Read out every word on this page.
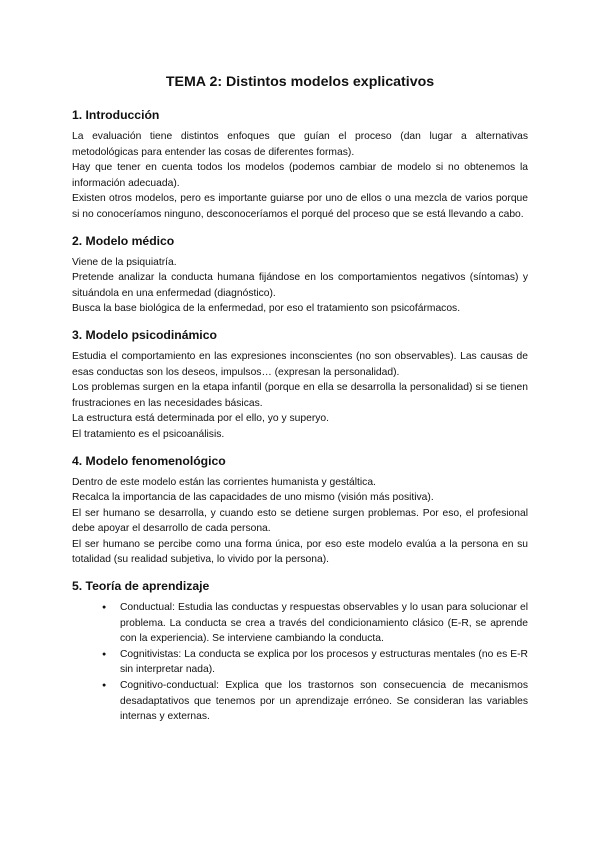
TEMA 2: Distintos modelos explicativos
1. Introducción

La evaluación tiene distintos enfoques que guían el proceso (dan lugar a alternativas metodológicas para entender las cosas de diferentes formas).

Hay que tener en cuenta todos los modelos (podemos cambiar de modelo si no obtenemos la información adecuada).

Existen otros modelos, pero es importante guiarse por uno de ellos o una mezcla de varios porque si no conoceríamos ninguno, desconoceríamos el porqué del proceso que se está llevando a cabo.

2. Modelo médico

Viene de la psiquiatría.

Pretende analizar la conducta humana fijándose en los comportamientos negativos (síntomas) y situándola en una enfermedad (diagnóstico).

Busca la base biológica de la enfermedad, por eso el tratamiento son psicofármacos.

3. Modelo psicodinámico

Estudia el comportamiento en las expresiones inconscientes (no son observables). Las causas de esas conductas son los deseos, impulsos… (expresan la personalidad).

Los problemas surgen en la etapa infantil (porque en ella se desarrolla la personalidad) si se tienen frustraciones en las necesidades básicas.

La estructura está determinada por el ello, yo y superyo.

El tratamiento es el psicoanálisis.

4. Modelo fenomenológico

Dentro de este modelo están las corrientes humanista y gestáltica.

Recalca la importancia de las capacidades de uno mismo (visión más positiva).

El ser humano se desarrolla, y cuando esto se detiene surgen problemas. Por eso, el profesional debe apoyar el desarrollo de cada persona.

El ser humano se percibe como una forma única, por eso este modelo evalúa a la persona en su totalidad (su realidad subjetiva, lo vivido por la persona).

5. Teoría de aprendizaje
● Conductual: Estudia las conductas y respuestas observables y lo usan para solucionar el problema. La conducta se crea a través del condicionamiento clásico (E-R, se aprende con la experiencia). Se interviene cambiando la conducta.
● Cognitivistas: La conducta se explica por los procesos y estructuras mentales (no es E-R sin interpretar nada).
● Cognitivo-conductual: Explica que los trastornos son consecuencia de mecanismos desadaptativos que tenemos por un aprendizaje erróneo. Se consideran las variables internas y externas.
